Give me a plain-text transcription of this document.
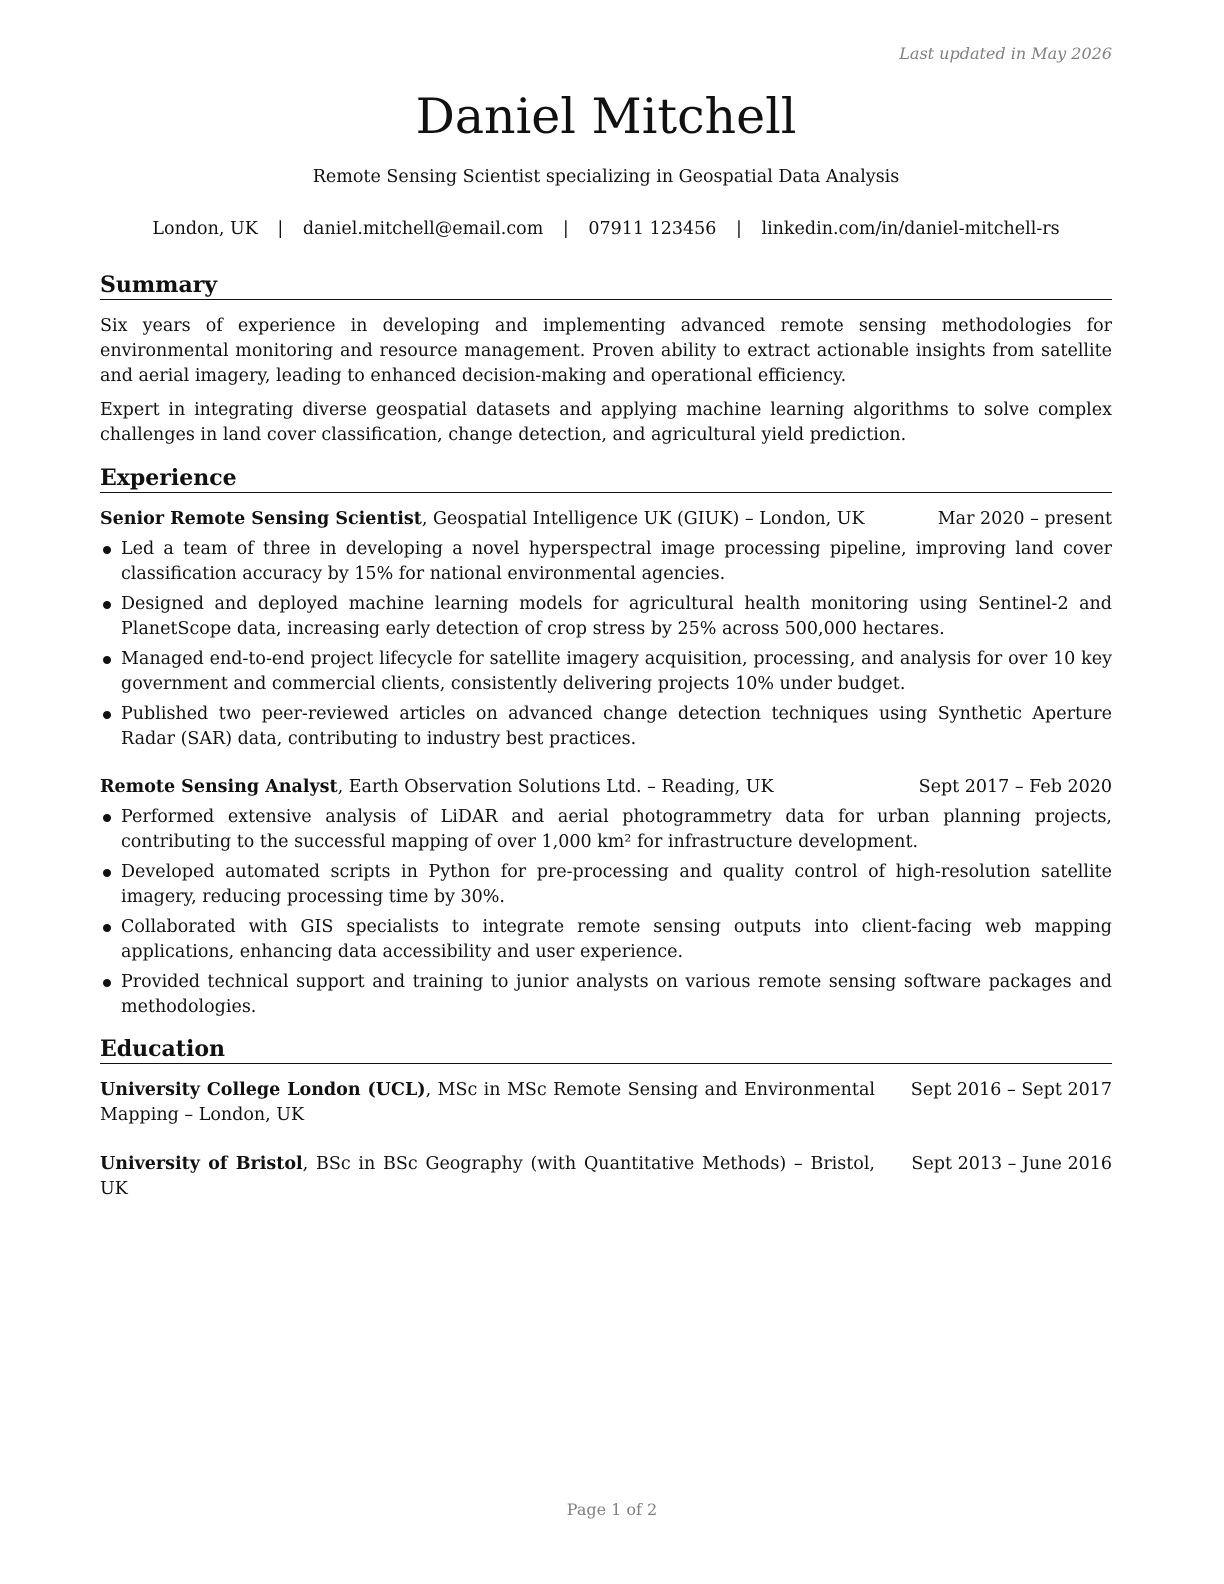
Last updated in May 2026
Daniel Mitchell
Remote Sensing Scientist specializing in Geospatial Data Analysis
London, UK | daniel.mitchell@email.com | 07911 123456 | linkedin.com/in/daniel-mitchell-rs
Summary
Six years of experience in developing and implementing advanced remote sensing methodologies for environmental monitoring and resource management. Proven ability to extract actionable insights from satellite and aerial imagery, leading to enhanced decision-making and operational efficiency.
Expert in integrating diverse geospatial datasets and applying machine learning algorithms to solve complex challenges in land cover classification, change detection, and agricultural yield prediction.
Experience
Senior Remote Sensing Scientist, Geospatial Intelligence UK (GIUK) – London, UK	Mar 2020 – present
Led a team of three in developing a novel hyperspectral image processing pipeline, improving land cover classification accuracy by 15% for national environmental agencies.
Designed and deployed machine learning models for agricultural health monitoring using Sentinel-2 and PlanetScope data, increasing early detection of crop stress by 25% across 500,000 hectares.
Managed end-to-end project lifecycle for satellite imagery acquisition, processing, and analysis for over 10 key government and commercial clients, consistently delivering projects 10% under budget.
Published two peer-reviewed articles on advanced change detection techniques using Synthetic Aperture Radar (SAR) data, contributing to industry best practices.
Remote Sensing Analyst, Earth Observation Solutions Ltd. – Reading, UK	Sept 2017 – Feb 2020
Performed extensive analysis of LiDAR and aerial photogrammetry data for urban planning projects, contributing to the successful mapping of over 1,000 km² for infrastructure development.
Developed automated scripts in Python for pre-processing and quality control of high-resolution satellite imagery, reducing processing time by 30%.
Collaborated with GIS specialists to integrate remote sensing outputs into client-facing web mapping applications, enhancing data accessibility and user experience.
Provided technical support and training to junior analysts on various remote sensing software packages and methodologies.
Education
University College London (UCL), MSc in MSc Remote Sensing and Environmental Mapping – London, UK
Sept 2016 – Sept 2017
University of Bristol, BSc in BSc Geography (with Quantitative Methods) – Bristol, UK
Sept 2013 – June 2016
Page 1 of 2
